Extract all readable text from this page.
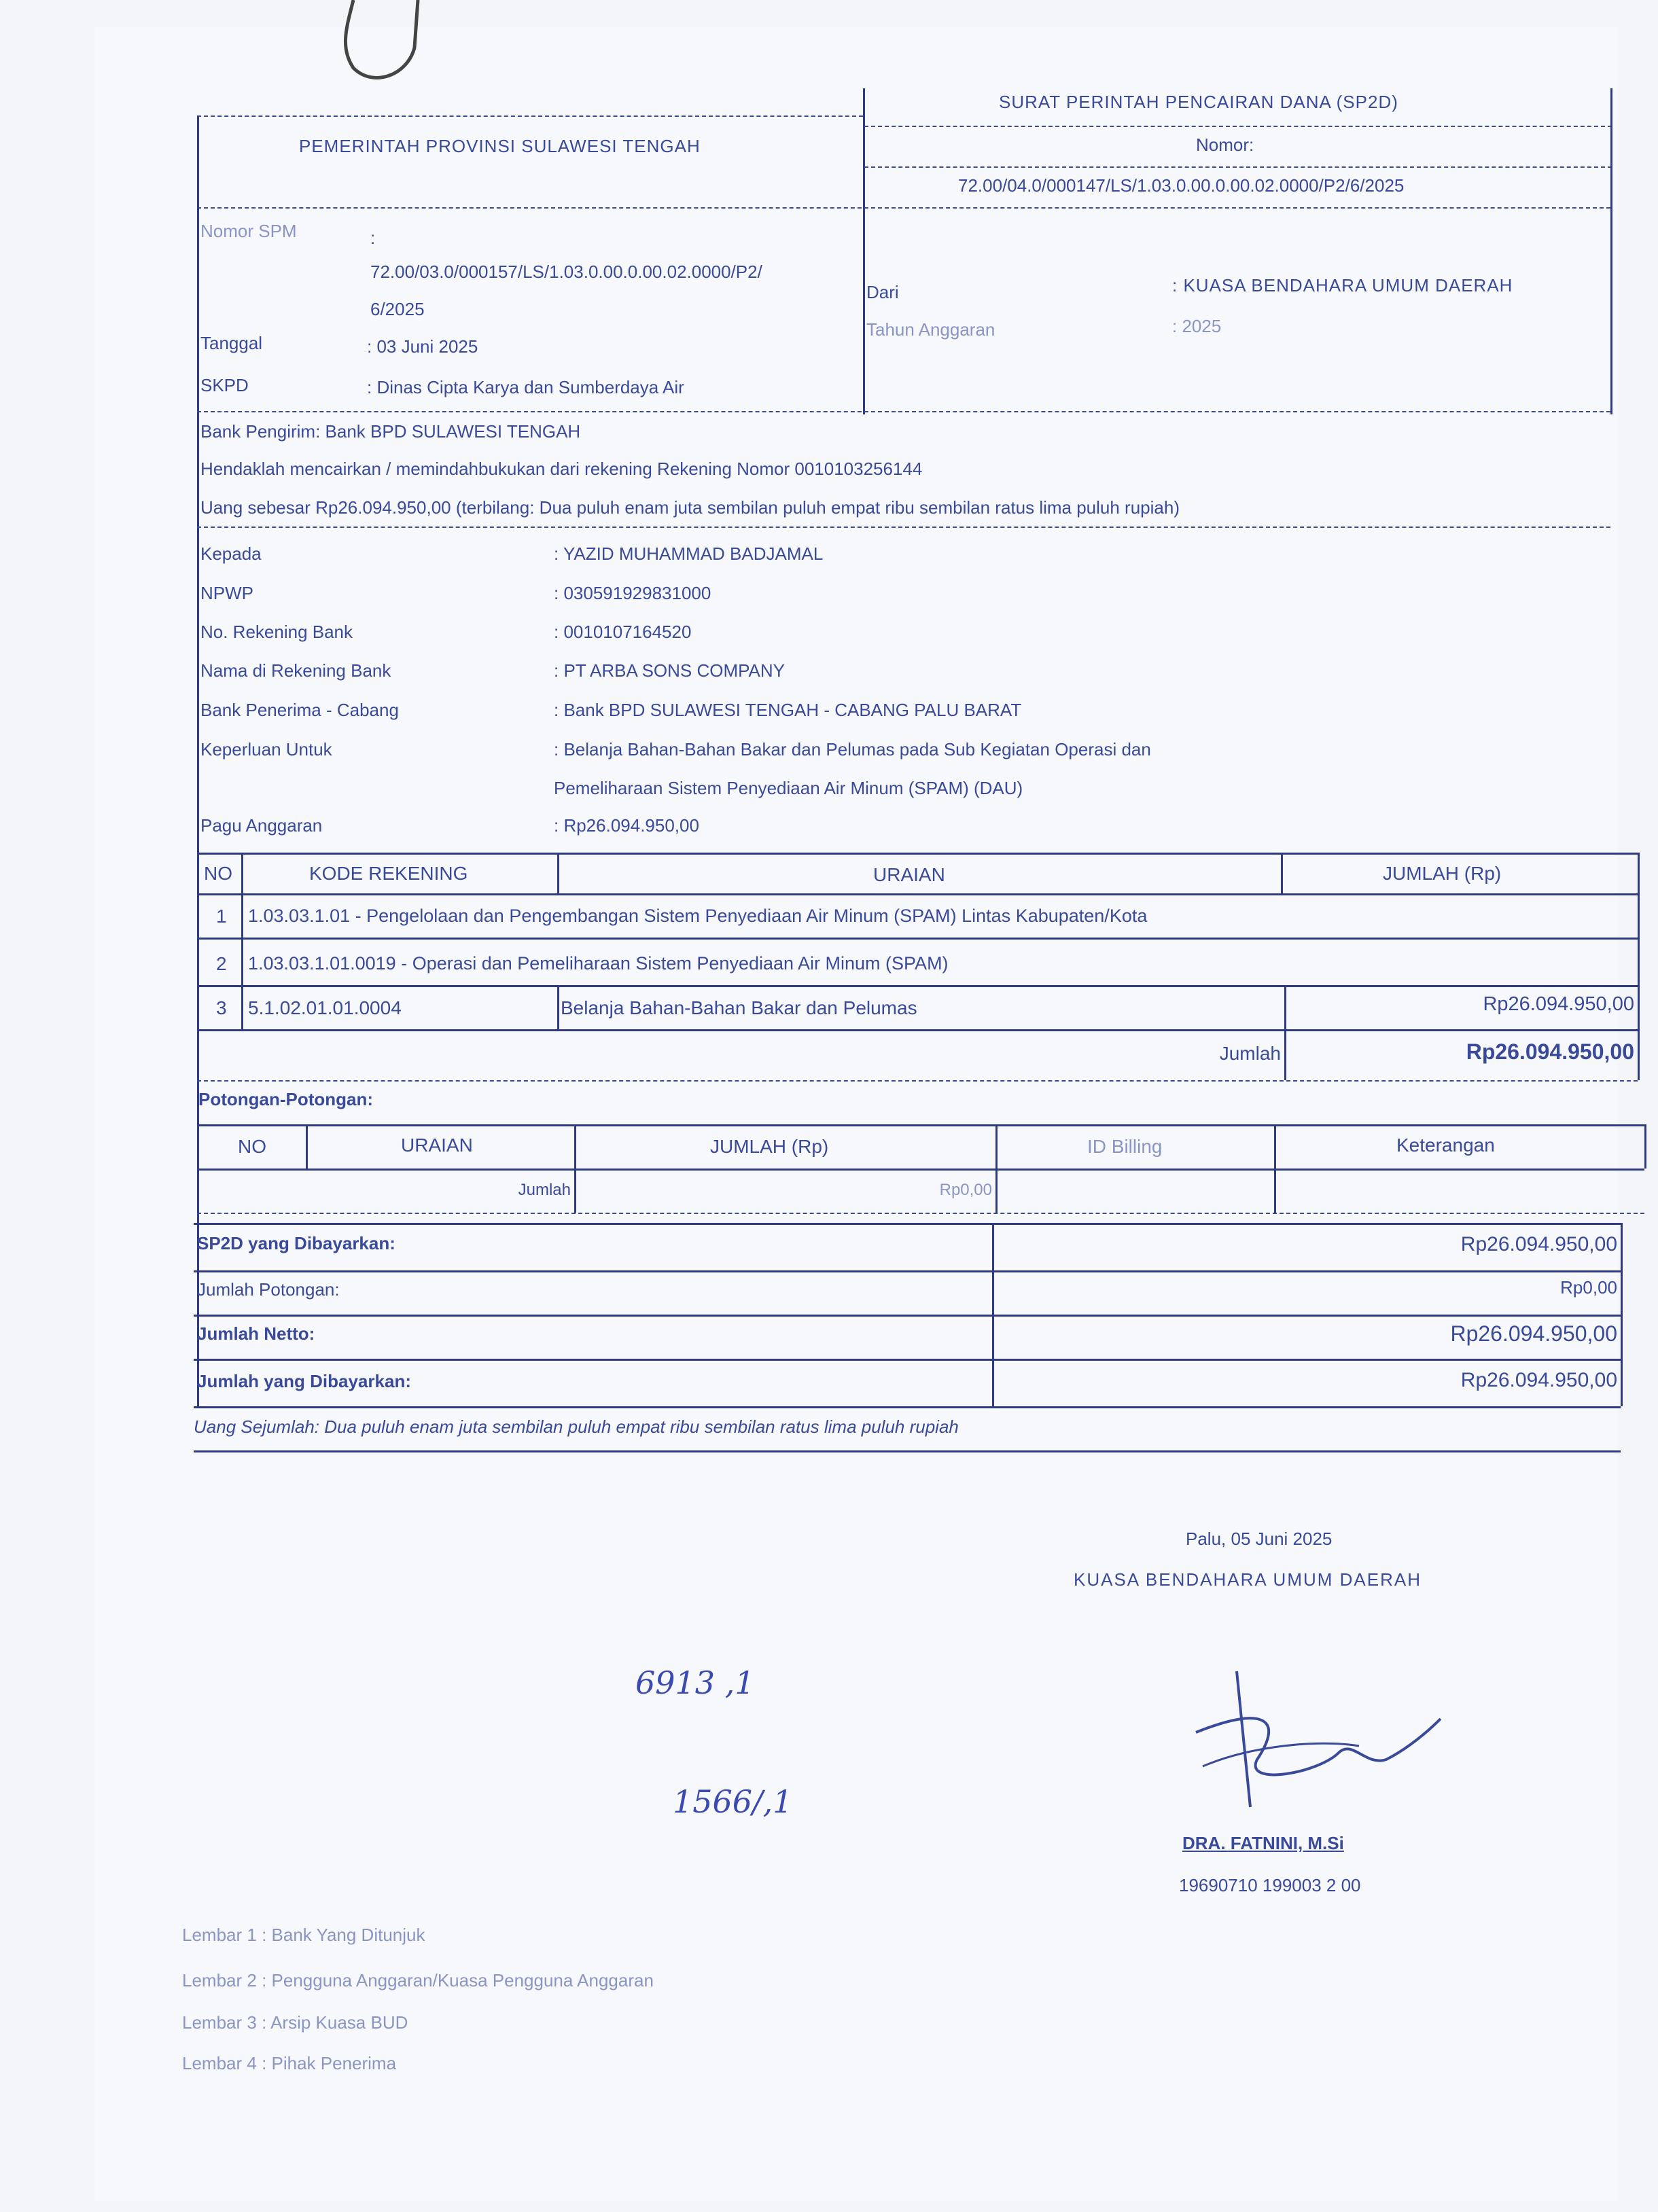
PEMERINTAH PROVINSI SULAWESI TENGAH
SURAT PERINTAH PENCAIRAN DANA (SP2D)
Nomor:
72.00/04.0/000147/LS/1.03.0.00.0.00.02.0000/P2/6/2025
Nomor SPM	:
72.00/03.0/000157/LS/1.03.0.00.0.00.02.0000/P2/
6/2025
Tanggal	: 03 Juni 2025
SKPD	: Dinas Cipta Karya dan Sumberdaya Air
Dari	: KUASA BENDAHARA UMUM DAERAH
Tahun Anggaran	: 2025
Bank Pengirim: Bank BPD SULAWESI TENGAH
Hendaklah mencairkan / memindahbukukan dari rekening Rekening Nomor 0010103256144
Uang sebesar Rp26.094.950,00 (terbilang: Dua puluh enam juta sembilan puluh empat ribu sembilan ratus lima puluh rupiah)
Kepada	: YAZID MUHAMMAD BADJAMAL
NPWP	: 030591929831000
No. Rekening Bank	: 0010107164520
Nama di Rekening Bank	: PT ARBA SONS COMPANY
Bank Penerima - Cabang	: Bank BPD SULAWESI TENGAH - CABANG PALU BARAT
Keperluan Untuk	: Belanja Bahan-Bahan Bakar dan Pelumas pada Sub Kegiatan Operasi dan
Pemeliharaan Sistem Penyediaan Air Minum (SPAM) (DAU)
Pagu Anggaran	: Rp26.094.950,00
NO	KODE REKENING	URAIAN	JUMLAH (Rp)
1 1.03.03.1.01 - Pengelolaan dan Pengembangan Sistem Penyediaan Air Minum (SPAM) Lintas Kabupaten/Kota
2 1.03.03.1.01.0019 - Operasi dan Pemeliharaan Sistem Penyediaan Air Minum (SPAM)
3 5.1.02.01.01.0004	Belanja Bahan-Bahan Bakar dan Pelumas	Rp26.094.950,00
Jumlah	Rp26.094.950,00
Potongan-Potongan:
NO	URAIAN	JUMLAH (Rp)	ID Billing	Keterangan
Jumlah	Rp0,00
SP2D yang Dibayarkan:	Rp26.094.950,00
Jumlah Potongan:	Rp0,00
Jumlah Netto:	Rp26.094.950,00
Jumlah yang Dibayarkan:	Rp26.094.950,00
Uang Sejumlah: Dua puluh enam juta sembilan puluh empat ribu sembilan ratus lima puluh rupiah
Palu, 05 Juni 2025
KUASA BENDAHARA UMUM DAERAH
DRA. FATNINI, M.Si
19690710 199003 2 00
6913 ,1
1566/,1
Lembar 1 : Bank Yang Ditunjuk
Lembar 2 : Pengguna Anggaran/Kuasa Pengguna Anggaran
Lembar 3 : Arsip Kuasa BUD
Lembar 4 : Pihak Penerima
